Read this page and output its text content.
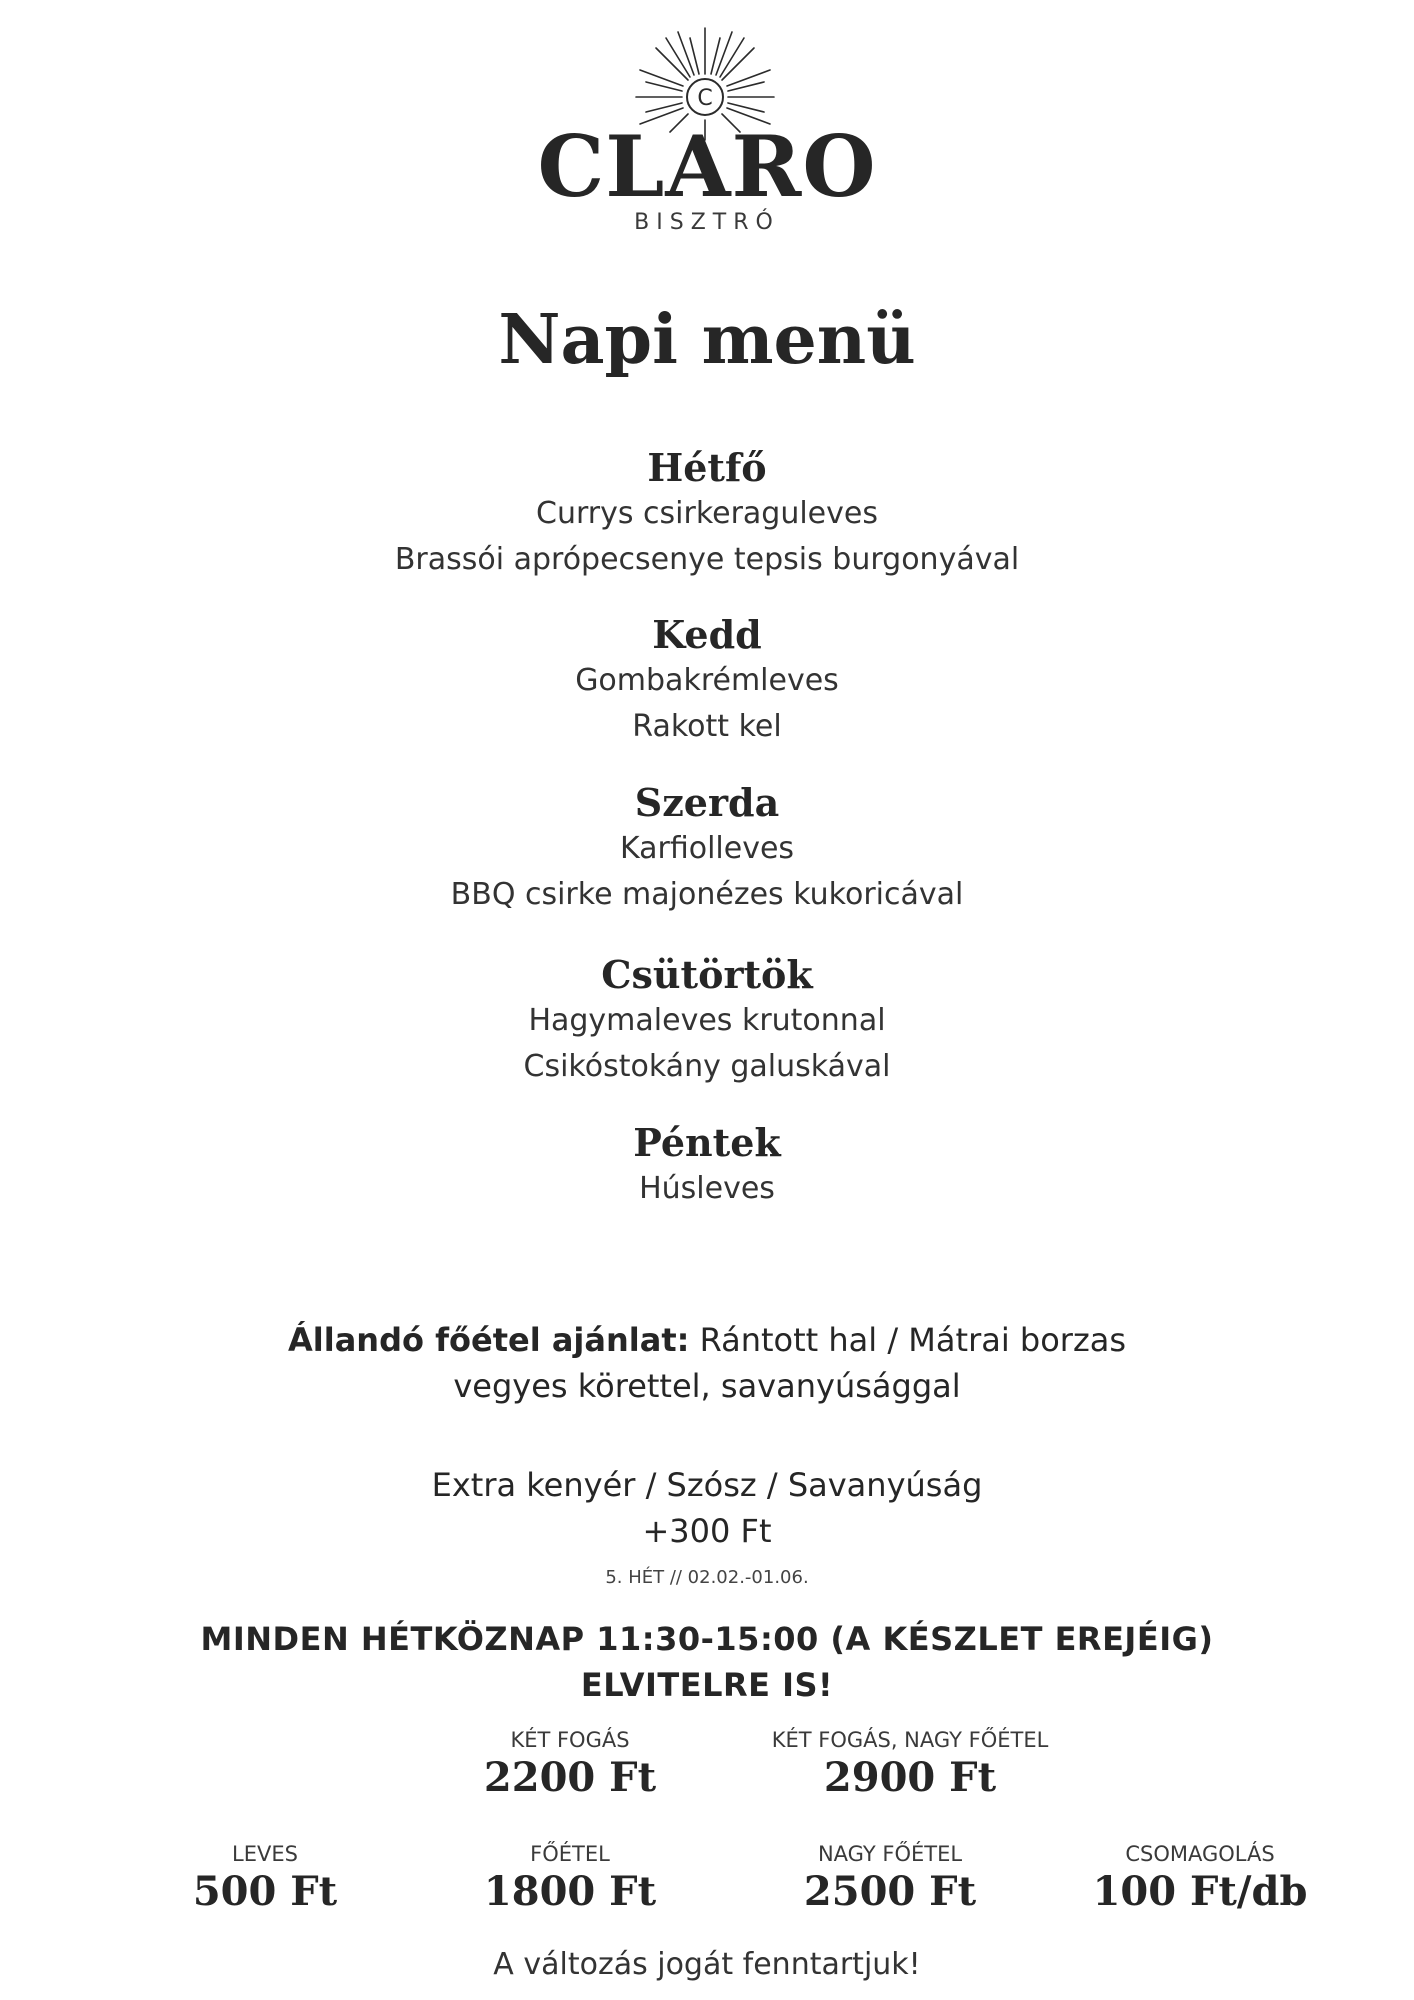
C
CLARO
BISZTRÓ
Napi menü
Hétfő
Currys csirkeraguleves
Brassói aprópecsenye tepsis burgonyával
Kedd
Gombakrémleves
Rakott kel
Szerda
Karfiolleves
BBQ csirke majonézes kukoricával
Csütörtök
Hagymaleves krutonnal
Csikóstokány galuskával
Péntek
Húsleves
Állandó főétel ajánlat: Rántott hal / Mátrai borzas
vegyes körettel, savanyúsággal
Extra kenyér / Szósz / Savanyúság
+300 Ft
5. HÉT // 02.02.-01.06.
MINDEN HÉTKÖZNAP 11:30-15:00 (A KÉSZLET EREJÉIG)
ELVITELRE IS!
KÉT FOGÁS
2200 Ft
KÉT FOGÁS, NAGY FŐÉTEL
2900 Ft
LEVES
500 Ft
FŐÉTEL
1800 Ft
NAGY FŐÉTEL
2500 Ft
CSOMAGOLÁS
100 Ft/db
A változás jogát fenntartjuk!
